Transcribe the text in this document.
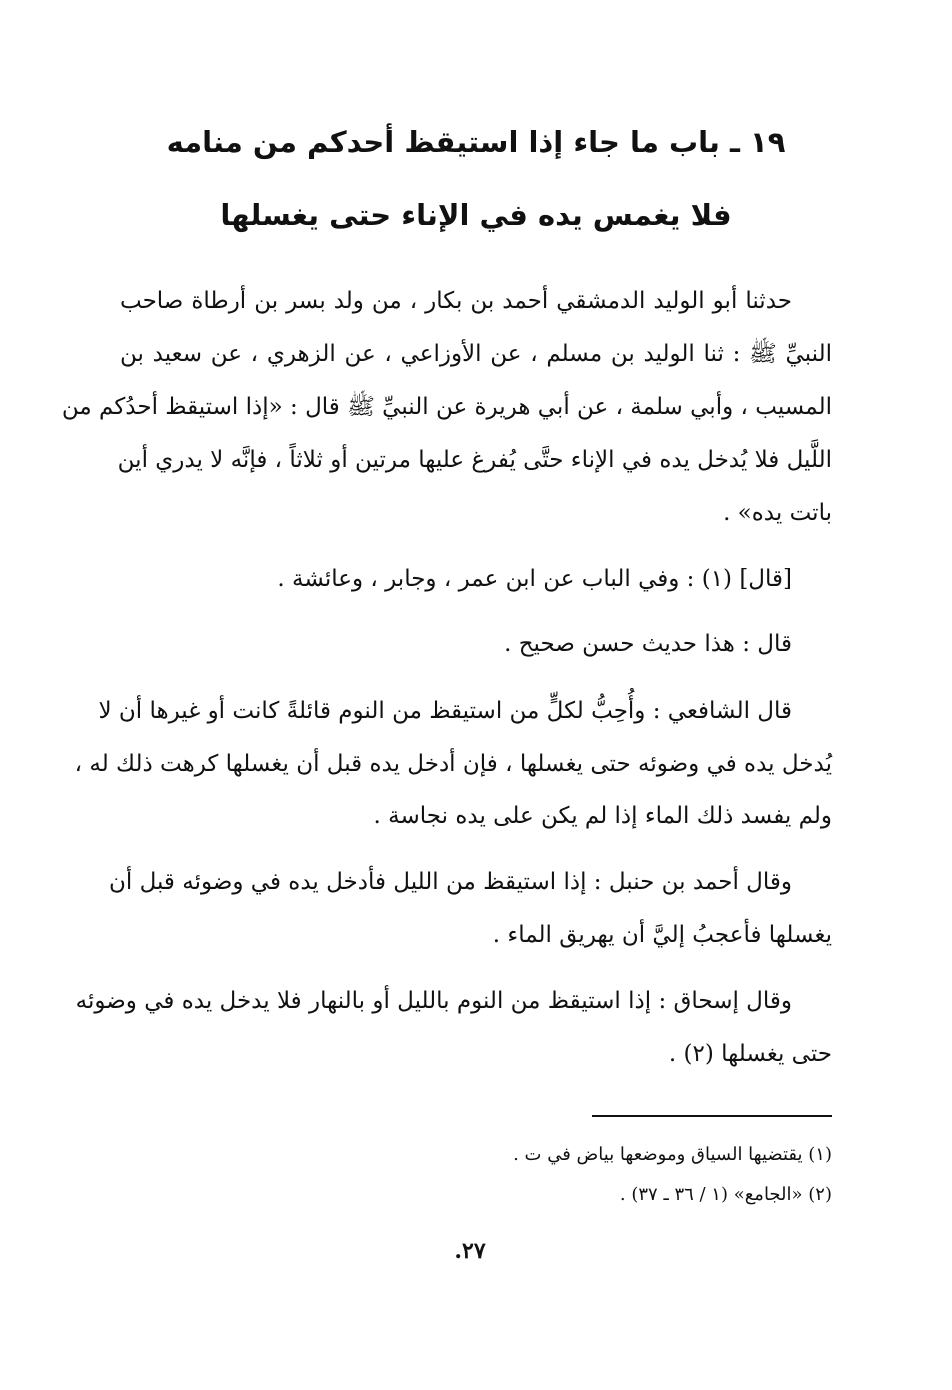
١٩ ـ باب ما جاء إذا استيقظ أحدكم من منامه
فلا يغمس يده في الإناء حتى يغسلها
حدثنا أبو الوليد الدمشقي أحمد بن بكار ، من ولد بسر بن أرطاة صاحب
النبيِّ ﷺ : ثنا الوليد بن مسلم ، عن الأوزاعي ، عن الزهري ، عن سعيد بن
المسيب ، وأبي سلمة ، عن أبي هريرة عن النبيِّ ﷺ قال : «إذا استيقظ أحدُكم من
اللَّيل فلا يُدخل يده في الإناء حتَّى يُفرغ عليها مرتين أو ثلاثاً ، فإنَّه لا يدري أين
باتت يده» .
[قال] (١) : وفي الباب عن ابن عمر ، وجابر ، وعائشة .
قال : هذا حديث حسن صحيح .
قال الشافعي : وأُحِبُّ لكلٍّ من استيقظ من النوم قائلةً كانت أو غيرها أن لا
يُدخل يده في وضوئه حتى يغسلها ، فإن أدخل يده قبل أن يغسلها كرهت ذلك له ،
ولم يفسد ذلك الماء إذا لم يكن على يده نجاسة .
وقال أحمد بن حنبل : إذا استيقظ من الليل فأدخل يده في وضوئه قبل أن
يغسلها فأعجبُ إليَّ أن يهريق الماء .
وقال إسحاق : إذا استيقظ من النوم بالليل أو بالنهار فلا يدخل يده في وضوئه
حتى يغسلها (٢) .
(١) يقتضيها السياق وموضعها بياض في ت .
(٢) «الجامع» (١ / ٣٦ ـ ٣٧) .
٢٧.
